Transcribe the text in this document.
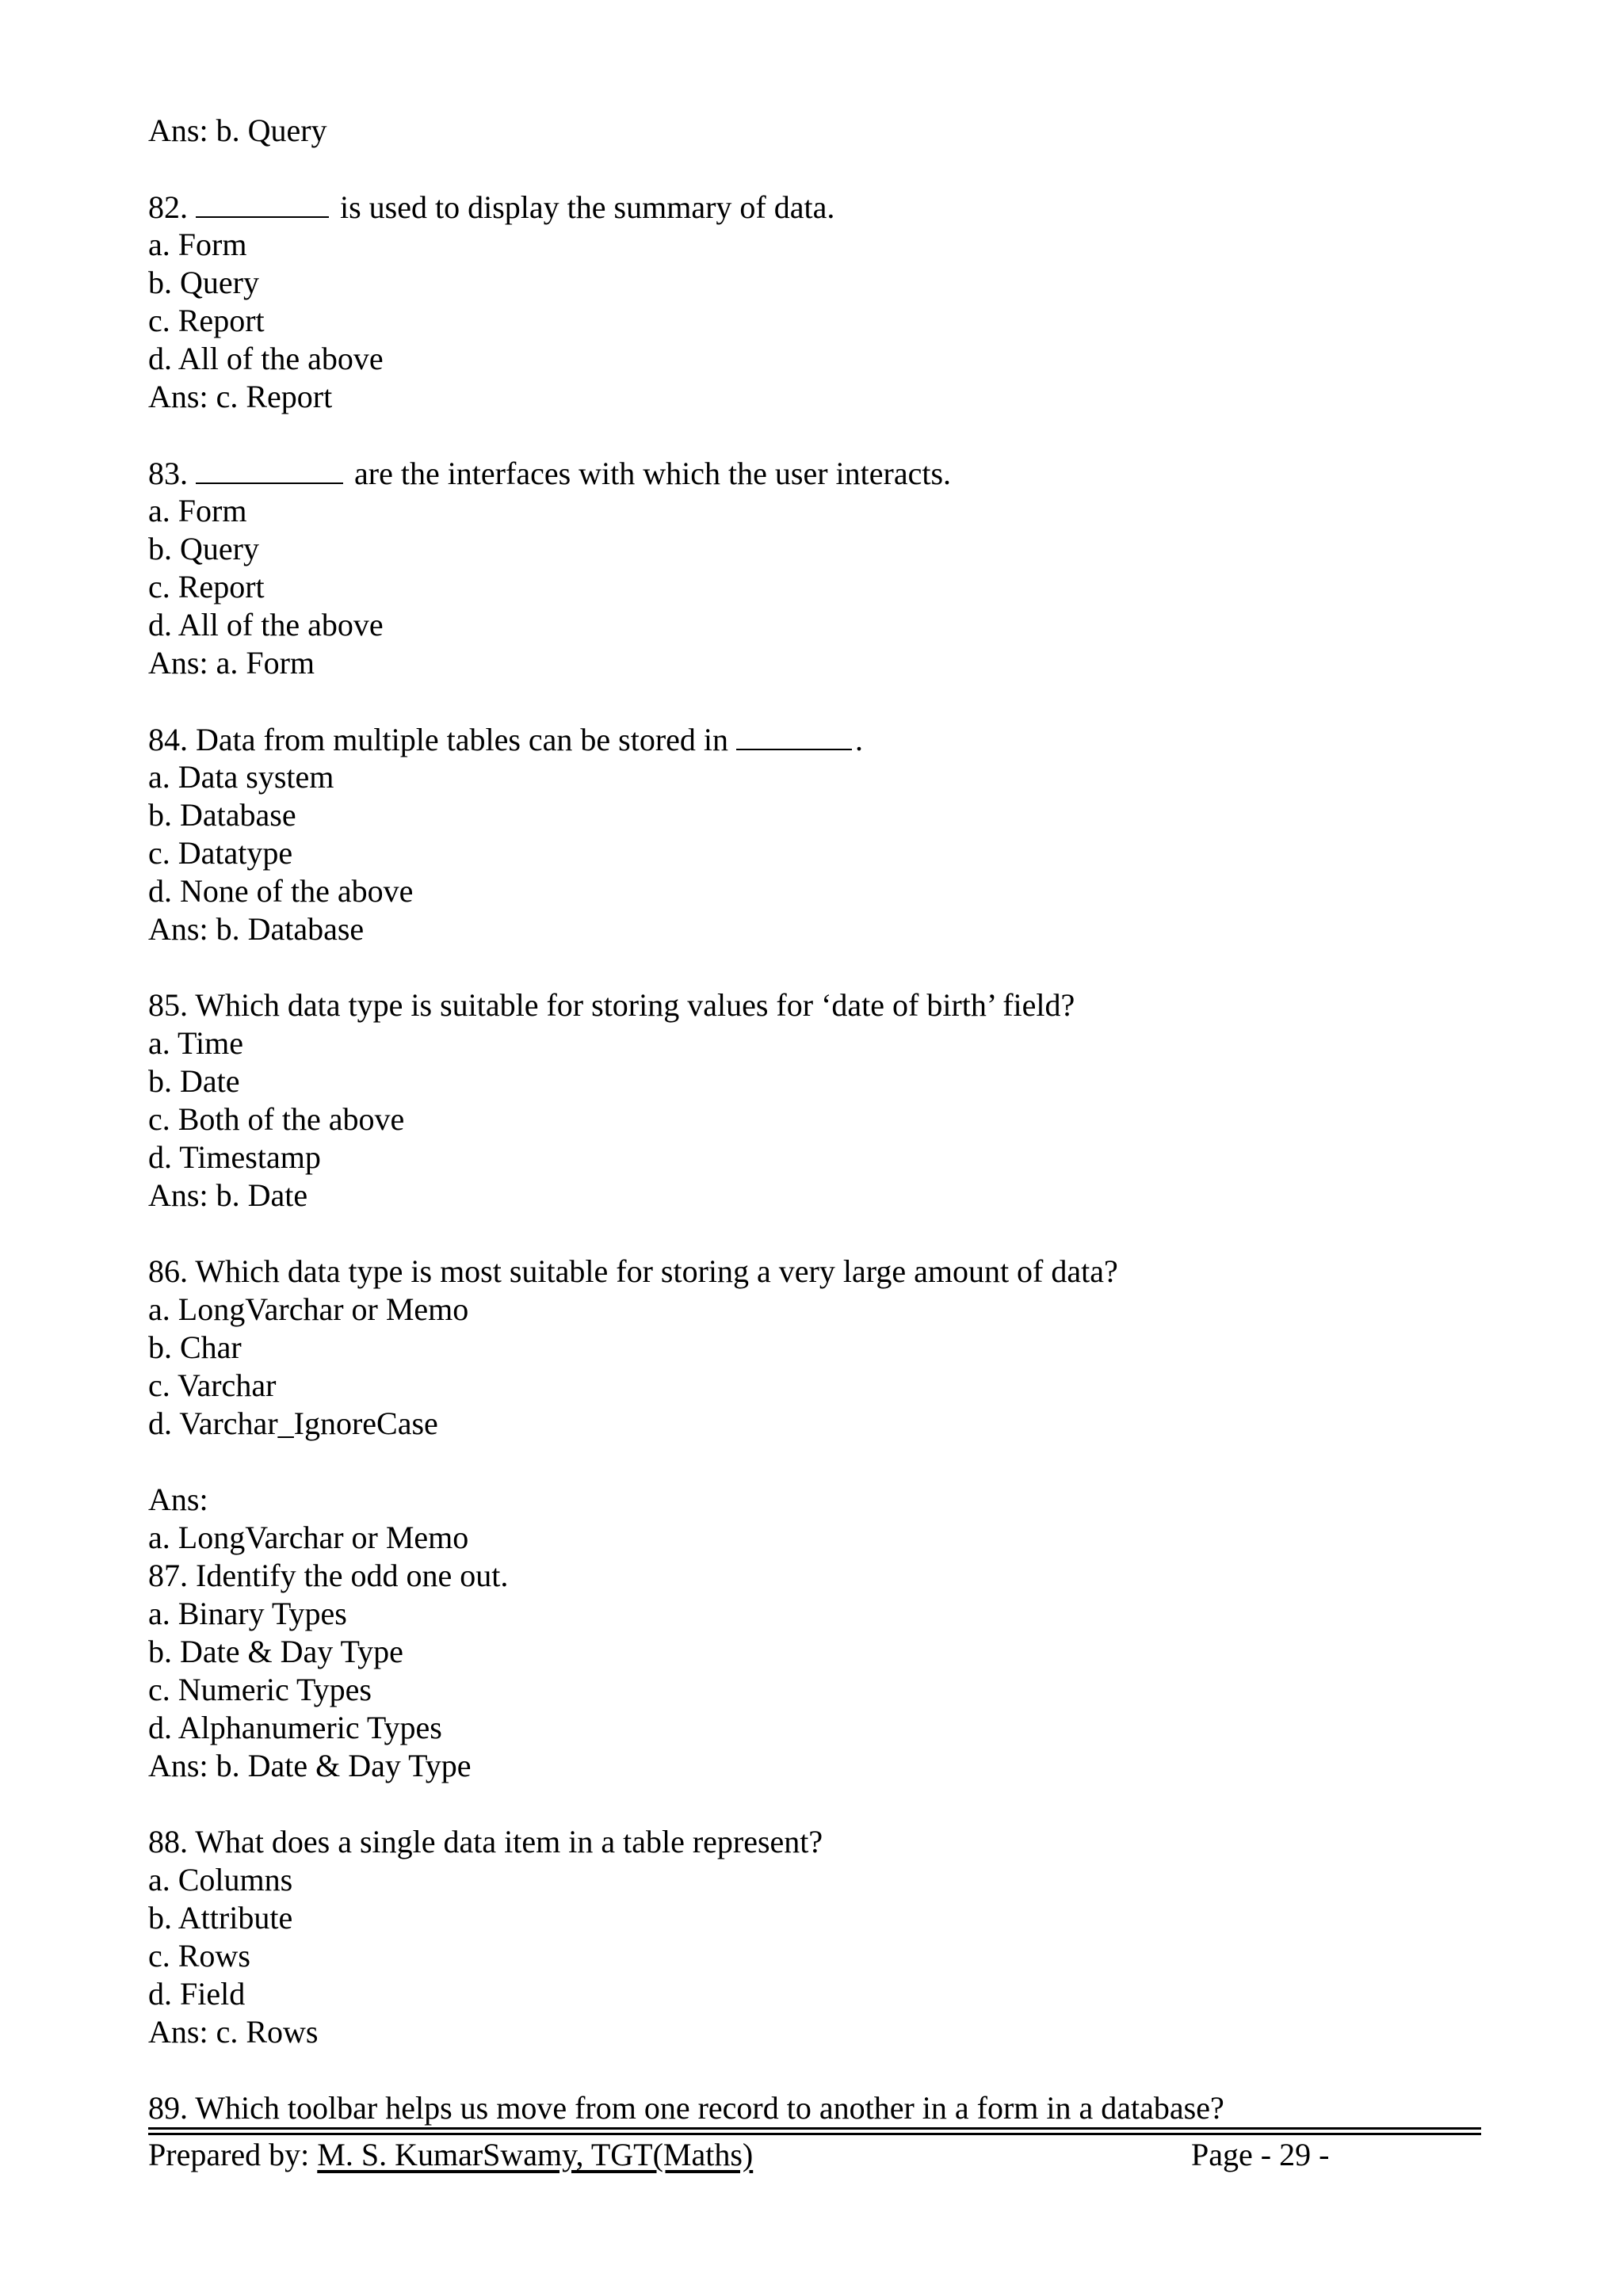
Ans: b. Query
82.	is used to display the summary of data.
a. Form
b. Query
c. Report
d. All of the above
Ans: c. Report
83.	are the interfaces with which the user interacts.
a. Form
b. Query
c. Report
d. All of the above
Ans: a. Form
84. Data from multiple tables can be stored in	.
a. Data system
b. Database
c. Datatype
d. None of the above
Ans: b. Database
85. Which data type is suitable for storing values for ‘date of birth’ field?
a. Time
b. Date
c. Both of the above
d. Timestamp
Ans: b. Date
86. Which data type is most suitable for storing a very large amount of data?
a. LongVarchar or Memo
b. Char
c. Varchar
d. Varchar_IgnoreCase
Ans:
a. LongVarchar or Memo
87. Identify the odd one out.
a. Binary Types
b. Date & Day Type
c. Numeric Types
d. Alphanumeric Types
Ans: b. Date & Day Type
88. What does a single data item in a table represent?
a. Columns
b. Attribute
c. Rows
d. Field
Ans: c. Rows
89. Which toolbar helps us move from one record to another in a form in a database?
Prepared by: M. S. KumarSwamy, TGT(Maths)	Page - 29 -
